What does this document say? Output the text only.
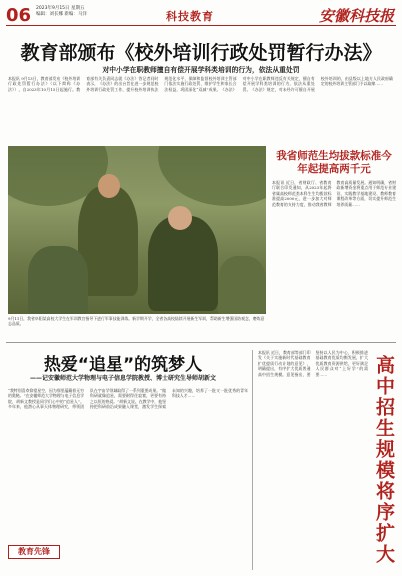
06 2023年9月15日 星期五
编辑：刘长娜 新编：马洋	科技教育	安徽科技报
教育部颁布《校外培训行政处罚暂行办法》
对中小学在职教师擅自有偿开展学科类培训的行为，依法从重处罚
本报讯 9月13日，教育部发布《校外培训行政处罚暂行办法》（以下简称《办法》），自2023年10月15日起施行。教育部有关负责同志就《办法》答记者问时表示，《办法》的出台旨在进一步规范校外培训行政处罚工作，提升校外培训执法规范化水平，保障和监督校外培训主管部门依法实施行政处罚，维护学生和家长合法权益，巩固深化“双减”成果。《办法》对中小学在职教师违反有关规定，擅自有偿开展学科类培训的行为，依法从重处罚。《办法》规定，对未经许可擅自开展校外培训的，由县级以上地方人民政府确定的校外培训主管部门予以取缔……
9月11日，我省阜阳某高校大学生在军训教官指导下进行军事技能训练。新学期开学，全省各高校陆续开展新生军训，帮助新生增强国防观念，磨炼意志品质。
我省师范生均拔款标准今年起提高两千元
本报讯 近日，省财政厅、省教育厅联合印发通知，从2023年起将省属高校师范类本科生生均拨款标准提高2000元，进一步加大对师范教育的支持力度，推动我省教师教育高质量发展。通知明确，省财政新增资金将重点用于师范专业建设、实践教学基地建设、教师教育课程改革等方面，切实提升师范生培养质量……
热爱“追星”的筑梦人
——记安徽师范大学物理与电子信息学院教授、博士研究生导师胡新文
“我特别喜欢仰望星空，因为那里蕴藏着无穷的奥秘。”在安徽师范大学物理与电子信息学院，胡新文教授是同学们心中的“追星人”。多年来，他潜心从事天体物理研究，带领团队在宇宙学领域取得了一系列重要成果。“做科研就像追星，需要耐得住寂寞，更要有持之以恒的热爱。”胡新文说。在教学中，他坚持把科研前沿成果融入课堂，激发学生探索未知的兴趣，培养了一批又一批优秀的青年科技人才……
教育先锋
本报讯 近日，教育部等部门印发《关于实施新时代基础教育扩优提质行动计划的意见》，明确提出，有序扩大优质普通高中招生规模。意见指出，要坚持以人民为中心，积极推进基础教育优质均衡发展，扩大优质教育资源供给，更好满足人民群众对“上好学”的需要……	高中招生规模将序扩大
